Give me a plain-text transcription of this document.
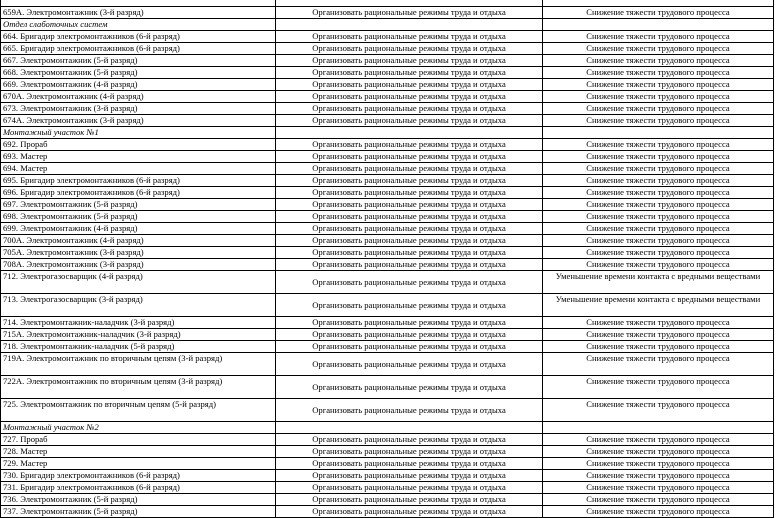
659А. Электромонтажник (3-й разряд)	Организовать рациональные режимы труда и отдыха	Снижение тяжести трудового процесса
Отдел слаботочных систем		
664. Бригадир электромонтажников (6-й разряд)	Организовать рациональные режимы труда и отдыха	Снижение тяжести трудового процесса
665. Бригадир электромонтажников (6-й разряд)	Организовать рациональные режимы труда и отдыха	Снижение тяжести трудового процесса
667. Электромонтажник (5-й разряд)	Организовать рациональные режимы труда и отдыха	Снижение тяжести трудового процесса
668. Электромонтажник (5-й разряд)	Организовать рациональные режимы труда и отдыха	Снижение тяжести трудового процесса
669. Электромонтажник (4-й разряд)	Организовать рациональные режимы труда и отдыха	Снижение тяжести трудового процесса
670А. Электромонтажник (4-й разряд)	Организовать рациональные режимы труда и отдыха	Снижение тяжести трудового процесса
673. Электромонтажник (3-й разряд)	Организовать рациональные режимы труда и отдыха	Снижение тяжести трудового процесса
674А. Электромонтажник (3-й разряд)	Организовать рациональные режимы труда и отдыха	Снижение тяжести трудового процесса
Монтажный участок №1		
692. Прораб	Организовать рациональные режимы труда и отдыха	Снижение тяжести трудового процесса
693. Мастер	Организовать рациональные режимы труда и отдыха	Снижение тяжести трудового процесса
694. Мастер	Организовать рациональные режимы труда и отдыха	Снижение тяжести трудового процесса
695. Бригадир электромонтажников (6-й разряд)	Организовать рациональные режимы труда и отдыха	Снижение тяжести трудового процесса
696. Бригадир электромонтажников (6-й разряд)	Организовать рациональные режимы труда и отдыха	Снижение тяжести трудового процесса
697. Электромонтажник (5-й разряд)	Организовать рациональные режимы труда и отдыха	Снижение тяжести трудового процесса
698. Электромонтажник (5-й разряд)	Организовать рациональные режимы труда и отдыха	Снижение тяжести трудового процесса
699. Электромонтажник (4-й разряд)	Организовать рациональные режимы труда и отдыха	Снижение тяжести трудового процесса
700А. Электромонтажник (4-й разряд)	Организовать рациональные режимы труда и отдыха	Снижение тяжести трудового процесса
705А. Электромонтажник (3-й разряд)	Организовать рациональные режимы труда и отдыха	Снижение тяжести трудового процесса
708А. Электромонтажник (3-й разряд)	Организовать рациональные режимы труда и отдыха	Снижение тяжести трудового процесса
712. Электрогазосварщик (4-й разряд)	Организовать рациональные режимы труда и отдыха	Уменьшение времени контакта с вредными веществами
713. Электрогазосварщик (3-й разряд)	Организовать рациональные режимы труда и отдыха	Уменьшение времени контакта с вредными веществами
714. Электромонтажник-наладчик (3-й разряд)	Организовать рациональные режимы труда и отдыха	Снижение тяжести трудового процесса
715А. Электромонтажник-наладчик (3-й разряд)	Организовать рациональные режимы труда и отдыха	Снижение тяжести трудового процесса
718. Электромонтажник-наладчик (5-й разряд)	Организовать рациональные режимы труда и отдыха	Снижение тяжести трудового процесса
719А. Электромонтажник по вторичным цепям (3-й разряд)	Организовать рациональные режимы труда и отдыха	Снижение тяжести трудового процесса
722А. Электромонтажник по вторичным цепям (3-й разряд)	Организовать рациональные режимы труда и отдыха	Снижение тяжести трудового процесса
725. Электромонтажник по вторичным цепям (5-й разряд)	Организовать рациональные режимы труда и отдыха	Снижение тяжести трудового процесса
Монтажный участок №2		
727. Прораб	Организовать рациональные режимы труда и отдыха	Снижение тяжести трудового процесса
728. Мастер	Организовать рациональные режимы труда и отдыха	Снижение тяжести трудового процесса
729. Мастер	Организовать рациональные режимы труда и отдыха	Снижение тяжести трудового процесса
730. Бригадир электромонтажников (6-й разряд)	Организовать рациональные режимы труда и отдыха	Снижение тяжести трудового процесса
731. Бригадир электромонтажников (6-й разряд)	Организовать рациональные режимы труда и отдыха	Снижение тяжести трудового процесса
736. Электромонтажник (5-й разряд)	Организовать рациональные режимы труда и отдыха	Снижение тяжести трудового процесса
737. Электромонтажник (5-й разряд)	Организовать рациональные режимы труда и отдыха	Снижение тяжести трудового процесса
